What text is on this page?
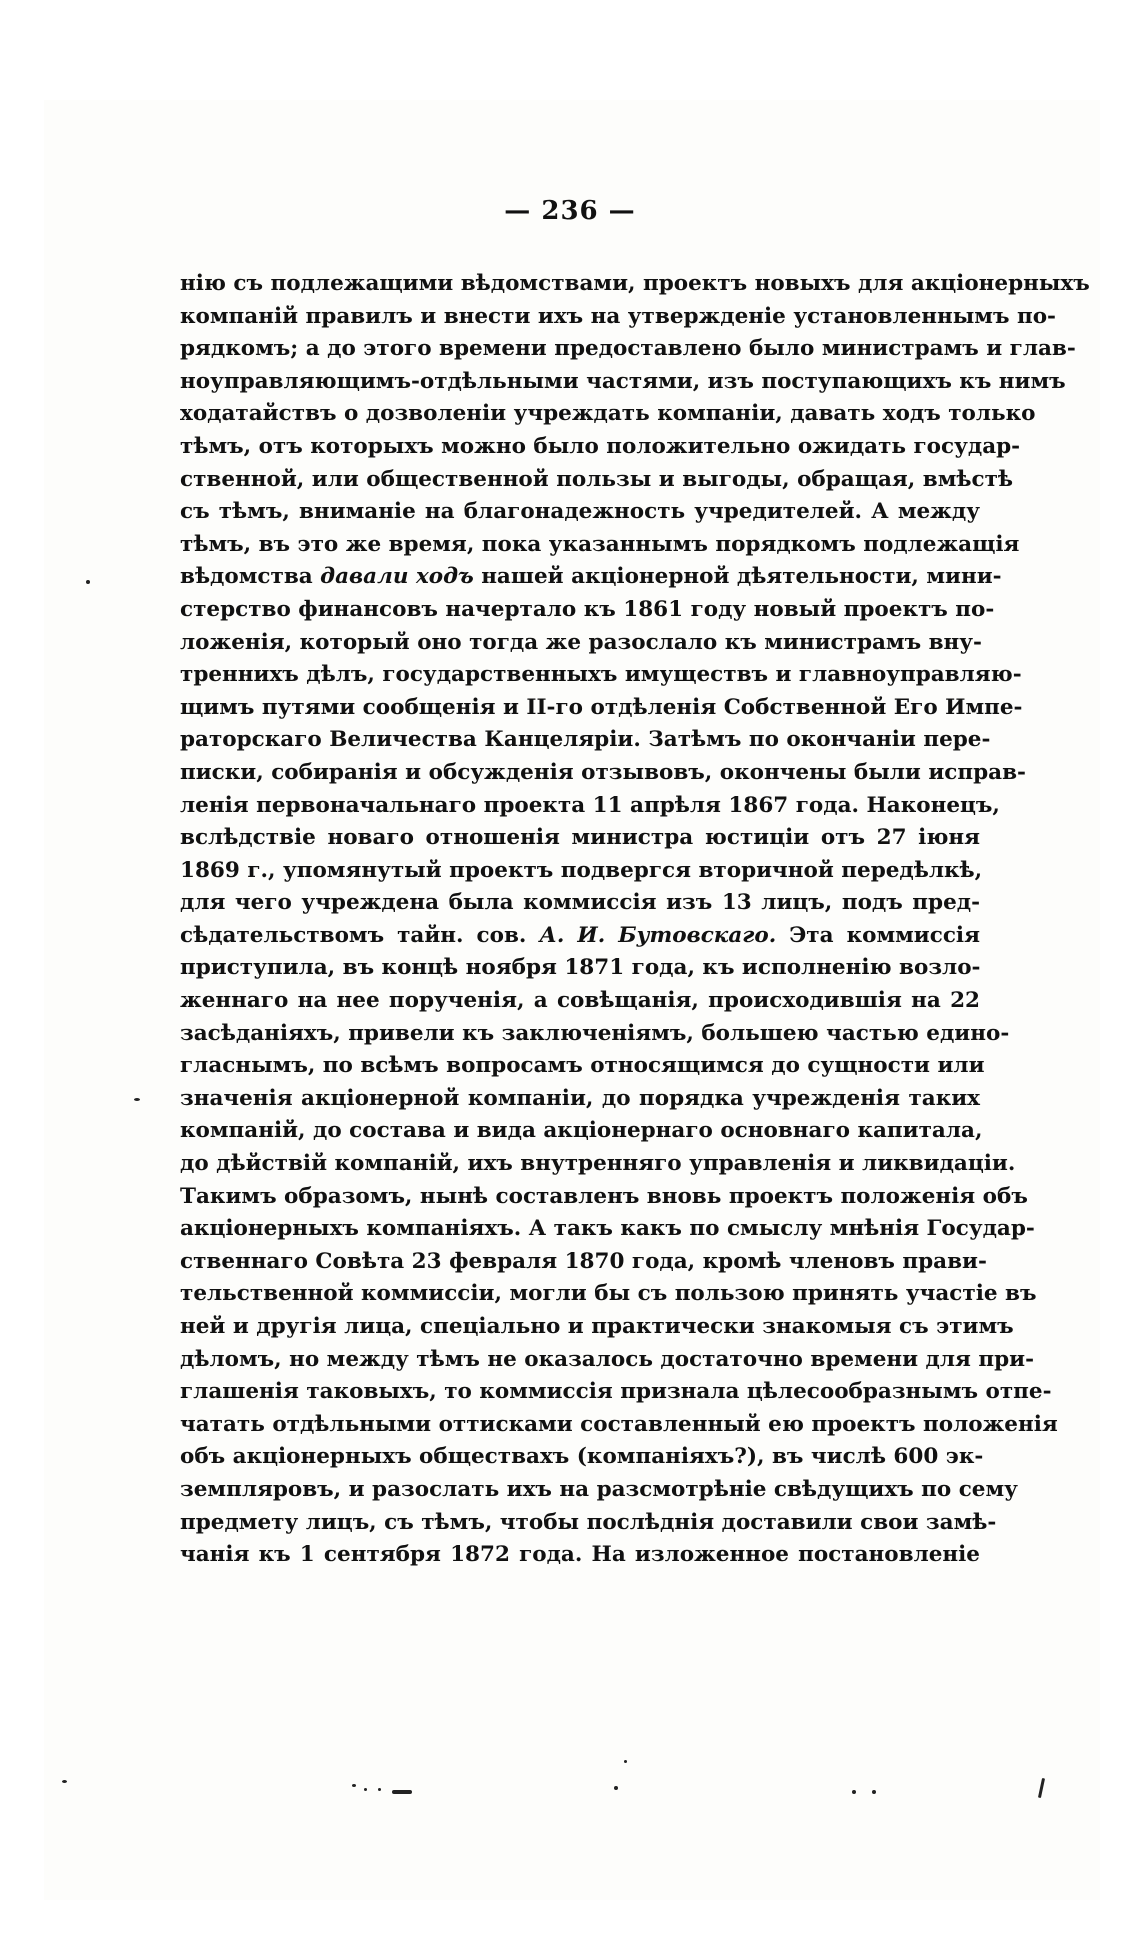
— 236 —
нію съ подлежащими вѣдомствами, проектъ новыхъ для акціонерныхъ
компаній правилъ и внести ихъ на утвержденіе установленнымъ по-
рядкомъ; а до этого времени предоставлено было министрамъ и глав-
ноуправляющимъ-отдѣльными частями, изъ поступающихъ къ нимъ
ходатайствъ о дозволеніи учреждать компаніи, давать ходъ только
тѣмъ, отъ которыхъ можно было положительно ожидать государ-
ственной, или общественной пользы и выгоды, обращая, вмѣстѣ
съ тѣмъ, вниманіе на благонадежность учредителей. А между
тѣмъ, въ это же время, пока указаннымъ порядкомъ подлежащія
вѣдомства давали ходъ нашей акціонерной дѣятельности, мини-
стерство финансовъ начертало къ 1861 году новый проектъ по-
ложенія, который оно тогда же разослало къ министрамъ вну-
треннихъ дѣлъ, государственныхъ имуществъ и главноуправляю-
щимъ путями сообщенія и II-го отдѣленія Собственной Его Импе-
раторскаго Величества Канцеляріи. Затѣмъ по окончаніи пере-
писки, собиранія и обсужденія отзывовъ, окончены были исправ-
ленія первоначальнаго проекта 11 апрѣля 1867 года. Наконецъ,
вслѣдствіе новаго отношенія министра юстиціи отъ 27 іюня
1869 г., упомянутый проектъ подвергся вторичной передѣлкѣ,
для чего учреждена была коммиссія изъ 13 лицъ, подъ пред-
сѣдательствомъ тайн. сов. А. И. Бутовскаго. Эта коммиссія
приступила, въ концѣ ноября 1871 года, къ исполненію возло-
женнаго на нее порученія, а совѣщанія, происходившія на 22
засѣданіяхъ, привели къ заключеніямъ, большею частью едино-
гласнымъ, по всѣмъ вопросамъ относящимся до сущности или
значенія акціонерной компаніи, до порядка учрежденія таких
компаній, до состава и вида акціонернаго основнаго капитала,
до дѣйствій компаній, ихъ внутренняго управленія и ликвидаціи.
Такимъ образомъ, нынѣ составленъ вновь проектъ положенія объ
акціонерныхъ компаніяхъ. А такъ какъ по смыслу мнѣнія Государ-
ственнаго Совѣта 23 февраля 1870 года, кромѣ членовъ прави-
тельственной коммиссіи, могли бы съ пользою принять участіе въ
ней и другія лица, спеціально и практически знакомыя съ этимъ
дѣломъ, но между тѣмъ не оказалось достаточно времени для при-
глашенія таковыхъ, то коммиссія признала цѣлесообразнымъ отпе-
чатать отдѣльными оттисками составленный ею проектъ положенія
объ акціонерныхъ обществахъ (компаніяхъ?), въ числѣ 600 эк-
земпляровъ, и разослать ихъ на разсмотрѣніе свѣдущихъ по сему
предмету лицъ, съ тѣмъ, чтобы послѣднія доставили свои замѣ-
чанія къ 1 сентября 1872 года. На изложенное постановленіе
